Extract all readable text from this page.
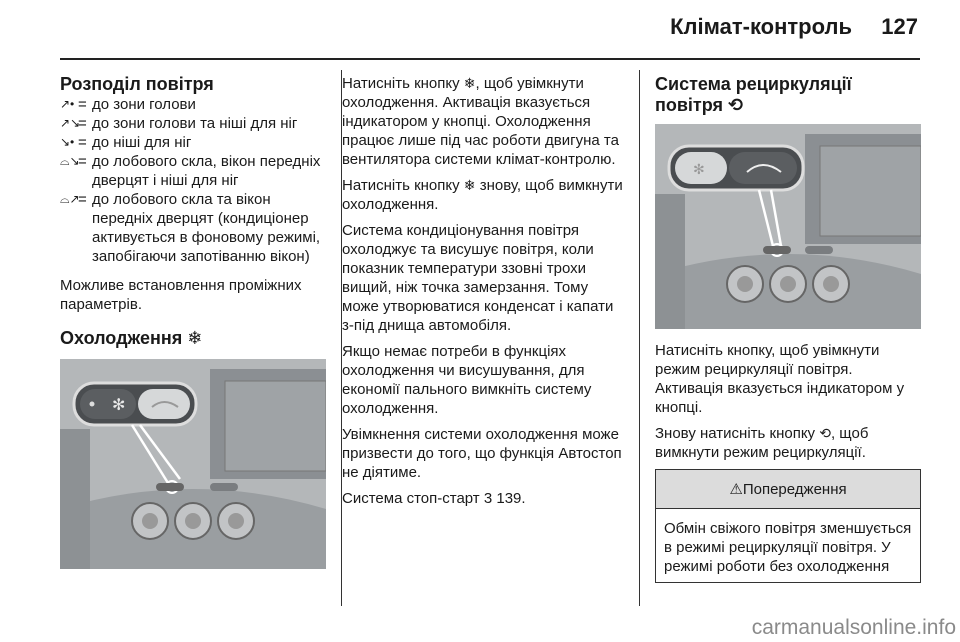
Клімат-контроль 127
Розподіл повітря
↗• = до зони голови
↗↘
= до зони голови та ніші для ніг
↘• = до ніші для ніг
⌓↘
= до лобового скла, вікон передніх дверцят і ніші для ніг
⌓↗
= до лобового скла та вікон передніх дверцят (кондиціонер активується в фоновому режимі, запобігаючи запотіванню вікон)

Можливе встановлення проміжних параметрів.

Охолодження ❄
✻

Натисніть кнопку ❄, щоб увімкнути охолодження. Активація вказується індикатором у кнопці. Охолодження працює лише під час роботи двигуна та вентилятора системи клімат-контролю.

Натисніть кнопку ❄ знову, щоб вимкнути охолодження.

Система кондиціонування повітря охолоджує та висушує повітря, коли показник температури ззовні трохи вищий, ніж точка замерзання. Тому може утворюватися конденсат і капати з-під днища автомобіля.

Якщо немає потреби в функціях охолодження чи висушування, для економії пального вимкніть систему охолодження.

Увімкнення системи охолодження може призвести до того, що функція Автостоп не діятиме.

Система стоп-старт 3 139.

Система рециркуляції повітря ⟲
✻

Натисніть кнопку, щоб увімкнути режим рециркуляції повітря. Активація вказується індикатором у кнопці.

Знову натисніть кнопку ⟲, щоб вимкнути режим рециркуляції.

⚠ Попередження
Обмін свіжого повітря зменшується в режимі рециркуляції повітря. У режимі роботи без охолодження
carmanualsonline.info
